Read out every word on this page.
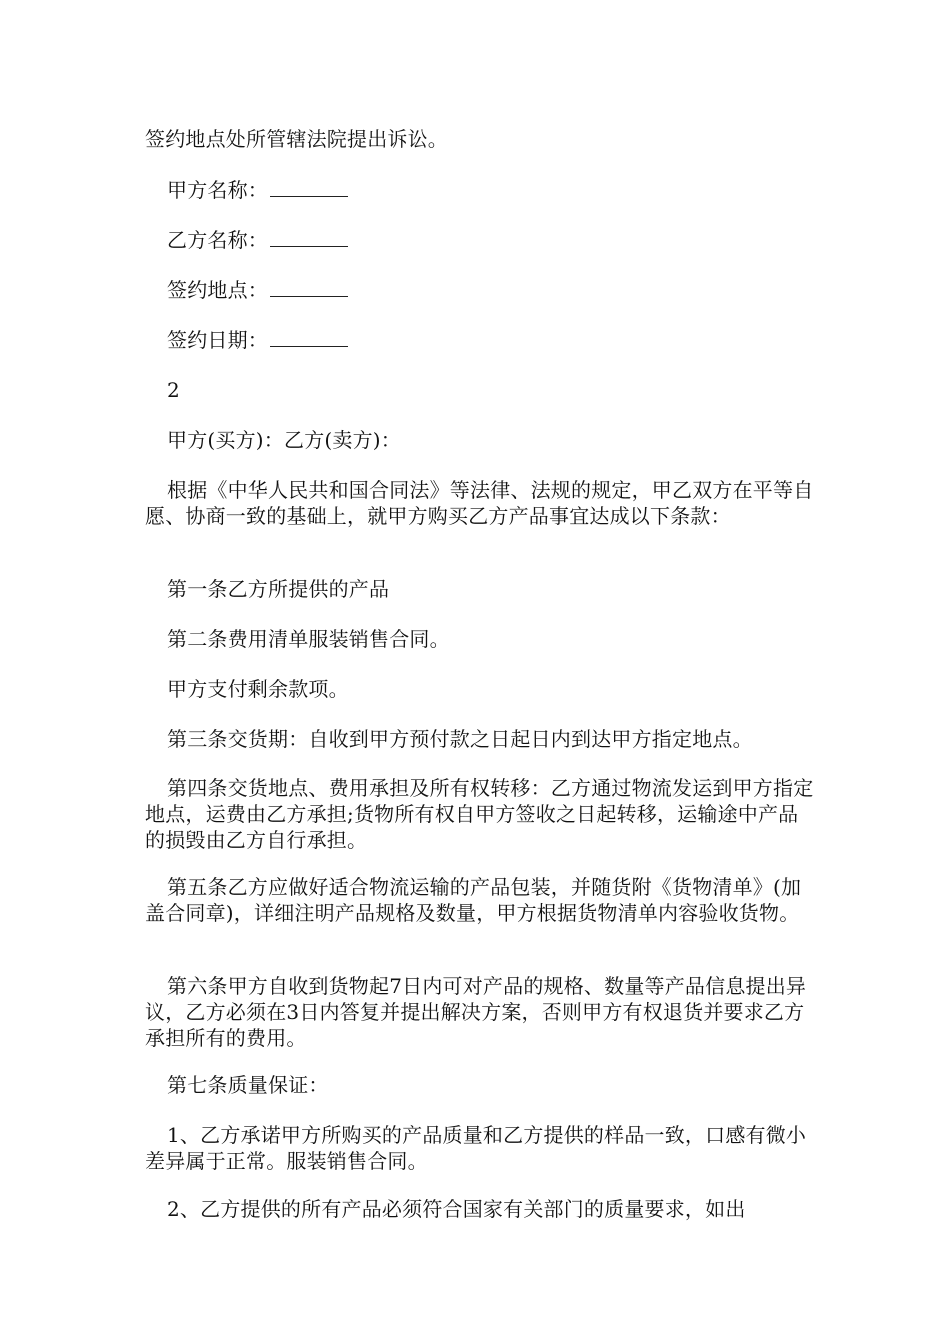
签约地点处所管辖法院提出诉讼。

甲方名称：

乙方名称：

签约地点：

签约日期：

2

甲方(买方)：乙方(卖方)：

根据《中华人民共和国合同法》等法律、法规的规定，甲乙双方在平等自愿、协商一致的基础上，就甲方购买乙方产品事宜达成以下条款：

第一条乙方所提供的产品

第二条费用清单服装销售合同。

甲方支付剩余款项。

第三条交货期：自收到甲方预付款之日起日内到达甲方指定地点。

第四条交货地点、费用承担及所有权转移：乙方通过物流发运到甲方指定地点，运费由乙方承担;货物所有权自甲方签收之日起转移，运输途中产品的损毁由乙方自行承担。

第五条乙方应做好适合物流运输的产品包装，并随货附《货物清单》(加盖合同章)，详细注明产品规格及数量，甲方根据货物清单内容验收货物。

第六条甲方自收到货物起7日内可对产品的规格、数量等产品信息提出异议，乙方必须在3日内答复并提出解决方案，否则甲方有权退货并要求乙方承担所有的费用。

第七条质量保证：

1、乙方承诺甲方所购买的产品质量和乙方提供的样品一致，口感有微小差异属于正常。服装销售合同。

2、乙方提供的所有产品必须符合国家有关部门的质量要求，如出
